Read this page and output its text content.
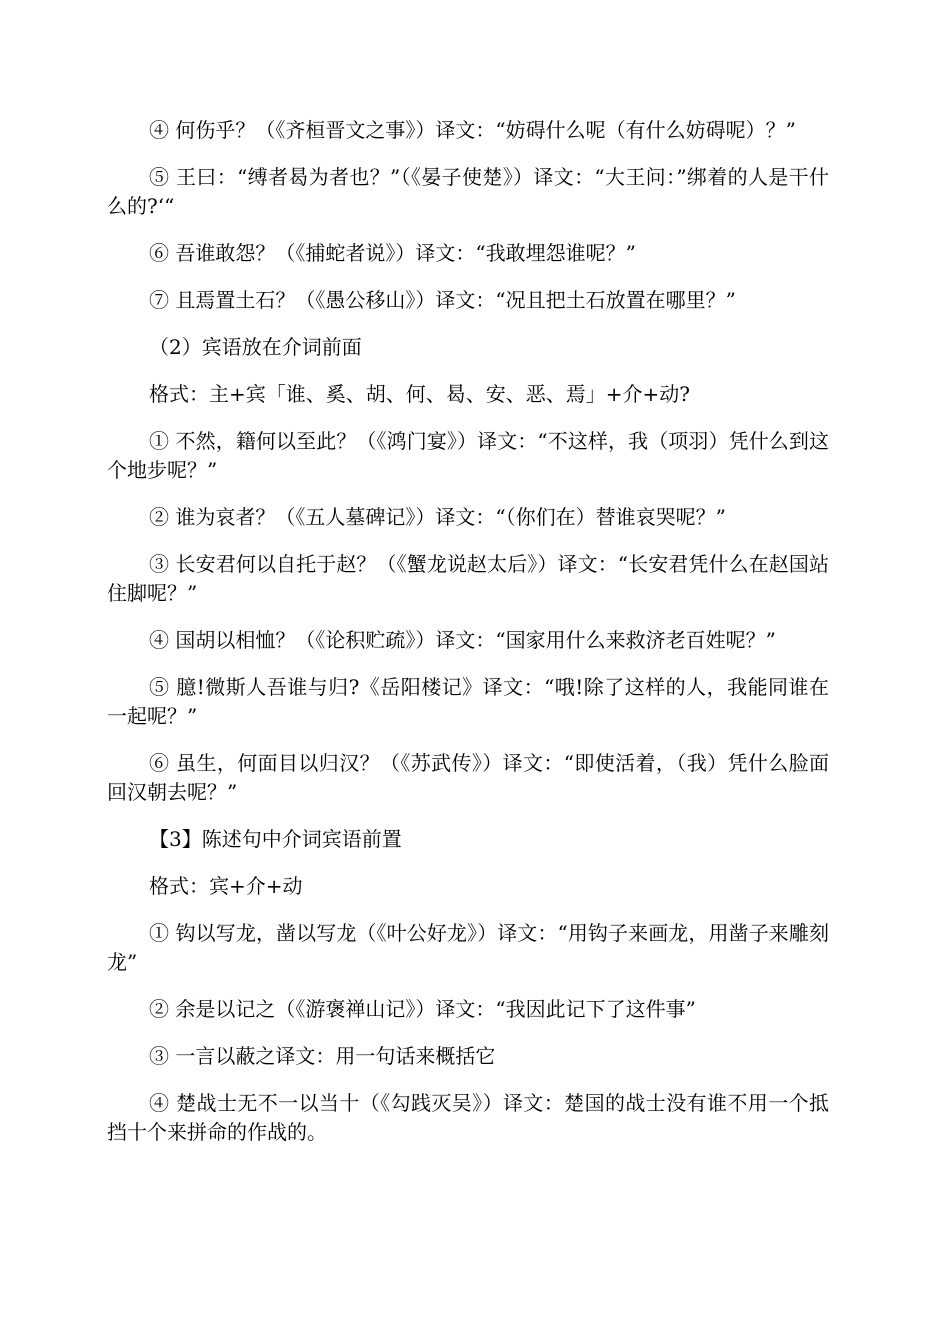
④ 何伤乎？（《齐桓晋文之事》）译文：“妨碍什么呢（有什么妨碍呢）？”

⑤ 王曰：“缚者曷为者也？”（《晏子使楚》）译文：“大王问：”绑着的人是干什么的?‘“

⑥ 吾谁敢怨？（《捕蛇者说》）译文：“我敢埋怨谁呢？”

⑦ 且焉置土石？（《愚公移山》）译文：“况且把土石放置在哪里？”

（2）宾语放在介词前面

格式：主+宾「谁、奚、胡、何、曷、安、恶、焉」+介+动?

① 不然，籍何以至此？（《鸿门宴》）译文：“不这样，我（项羽）凭什么到这个地步呢？”

② 谁为哀者？（《五人墓碑记》）译文：“（你们在）替谁哀哭呢？”

③ 长安君何以自托于赵？（《蟹龙说赵太后》）译文：“长安君凭什么在赵国站住脚呢？”

④ 国胡以相恤？（《论积贮疏》）译文：“国家用什么来救济老百姓呢？”

⑤ 臆!微斯人吾谁与归?《岳阳楼记》译文：“哦!除了这样的人，我能同谁在一起呢？”

⑥ 虽生，何面目以归汉？（《苏武传》）译文：“即使活着，（我）凭什么脸面回汉朝去呢？”

【3】陈述句中介词宾语前置

格式：宾+介+动

① 钩以写龙，凿以写龙（《叶公好龙》）译文：“用钩子来画龙，用凿子来雕刻龙”

② 余是以记之（《游褒禅山记》）译文：“我因此记下了这件事”

③ 一言以蔽之译文：用一句话来概括它

④ 楚战士无不一以当十（《勾践灭吴》）译文：楚国的战士没有谁不用一个抵挡十个来拼命的作战的。
